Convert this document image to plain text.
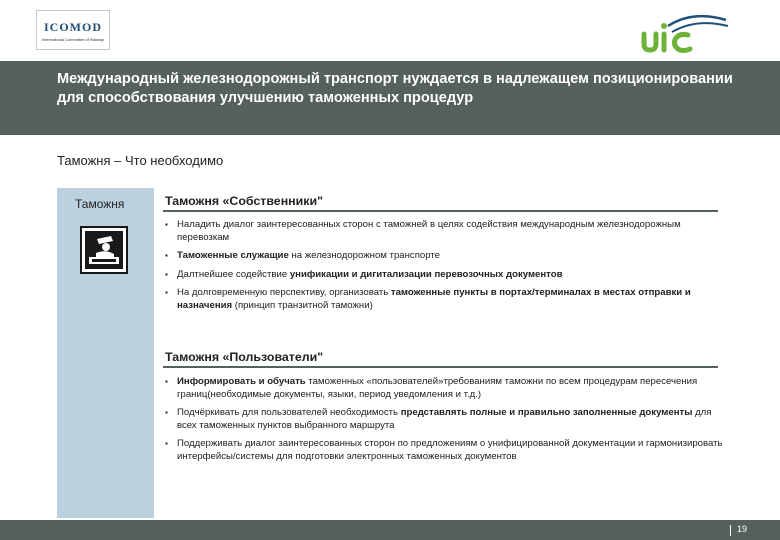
ICOMOD
International Committee of Railway
Международный железнодорожный транспорт нуждается в надлежащем позиционировании для способствования улучшению таможенных процедур
Таможня – Что необходимо
Таможня	Таможня «Собственники"
▪ Наладить диалог заинтересованных сторон с таможней в целях содействия международным железнодорожным перевозкам
▪ Таможенные служащие на железнодорожном транспорте
▪ Далтнейшее содействие унификации и дигитализации перевозочных документов
▪ На долговременную перспективу, организовать таможенные пункты в портах/терминалах в местах отправки и назначения (принцип транзитной таможни)
Таможня «Пользователи"
▪ Информировать и обучать таможенных «пользователей»требованиям таможни по всем процедурам пересечения границ(необходимые документы, языки, период уведомления и т.д.)
▪ Подчёркивать для пользователей необходимость представлять полные и правильно заполненные документы для всех таможенных пунктов выбранного маршрута
▪ Поддерживать диалог заинтересованных сторон по предложениям о унифицированной документации и гармонизировать интерфейсы/системы для подготовки электронных таможенных документов
19
